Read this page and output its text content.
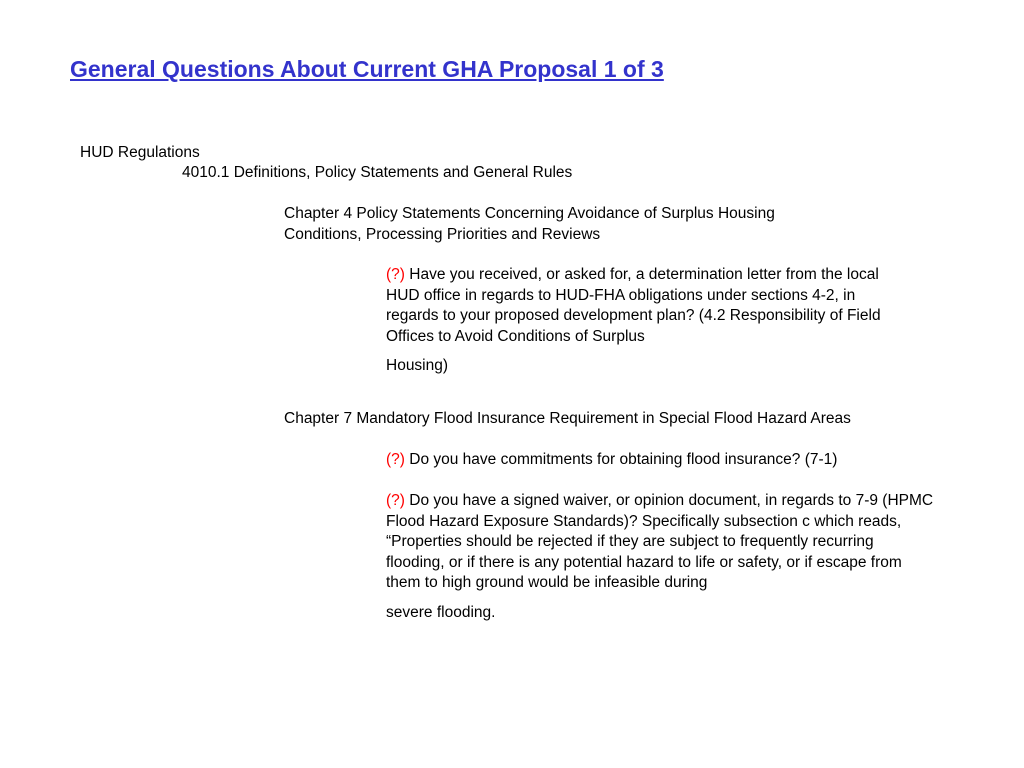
General Questions About Current GHA Proposal 1 of 3
HUD Regulations
4010.1 Definitions, Policy Statements and General Rules
Chapter 4 Policy Statements Concerning Avoidance of Surplus Housing Conditions, Processing Priorities and Reviews
(?) Have you received, or asked for, a determination letter from the local HUD office in regards to HUD-FHA obligations under sections 4-2, in regards to your proposed development plan? (4.2 Responsibility of Field Offices to Avoid Conditions of Surplus
Housing)
Chapter 7 Mandatory Flood Insurance Requirement in Special Flood Hazard Areas
(?) Do you have commitments for obtaining flood insurance? (7-1)
(?) Do you have a signed waiver, or opinion document, in regards to 7-9 (HPMC Flood Hazard Exposure Standards)? Specifically subsection c which reads, “Properties should be rejected if they are subject to frequently recurring flooding, or if there is any potential hazard to life or safety, or if escape from them to high ground would be infeasible during
severe flooding.
